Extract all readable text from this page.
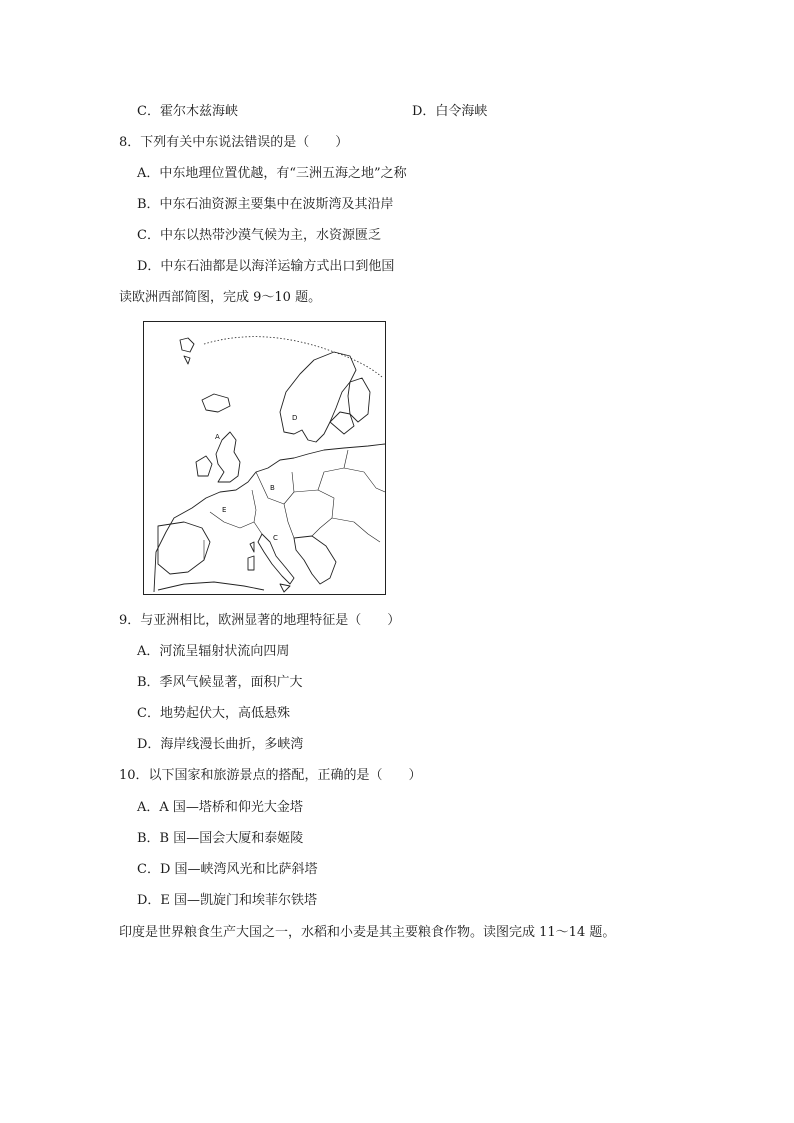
C．霍尔木兹海峡	D．白令海峡
8．下列有关中东说法错误的是（　　）
A．中东地理位置优越，有“三洲五海之地”之称
B．中东石油资源主要集中在波斯湾及其沿岸
C．中东以热带沙漠气候为主，水资源匮乏
D．中东石油都是以海洋运输方式出口到他国
读欧洲西部简图，完成 9～10 题。
A
B
C
D
E
9．与亚洲相比，欧洲显著的地理特征是（　　）
A．河流呈辐射状流向四周
B．季风气候显著，面积广大
C．地势起伏大，高低悬殊
D．海岸线漫长曲折，多峡湾
10．以下国家和旅游景点的搭配，正确的是（　　）
A．A 国—塔桥和仰光大金塔
B．B 国—国会大厦和泰姬陵
C．D 国—峡湾风光和比萨斜塔
D．E 国—凯旋门和埃菲尔铁塔
印度是世界粮食生产大国之一，水稻和小麦是其主要粮食作物。读图完成 11～14 题。
